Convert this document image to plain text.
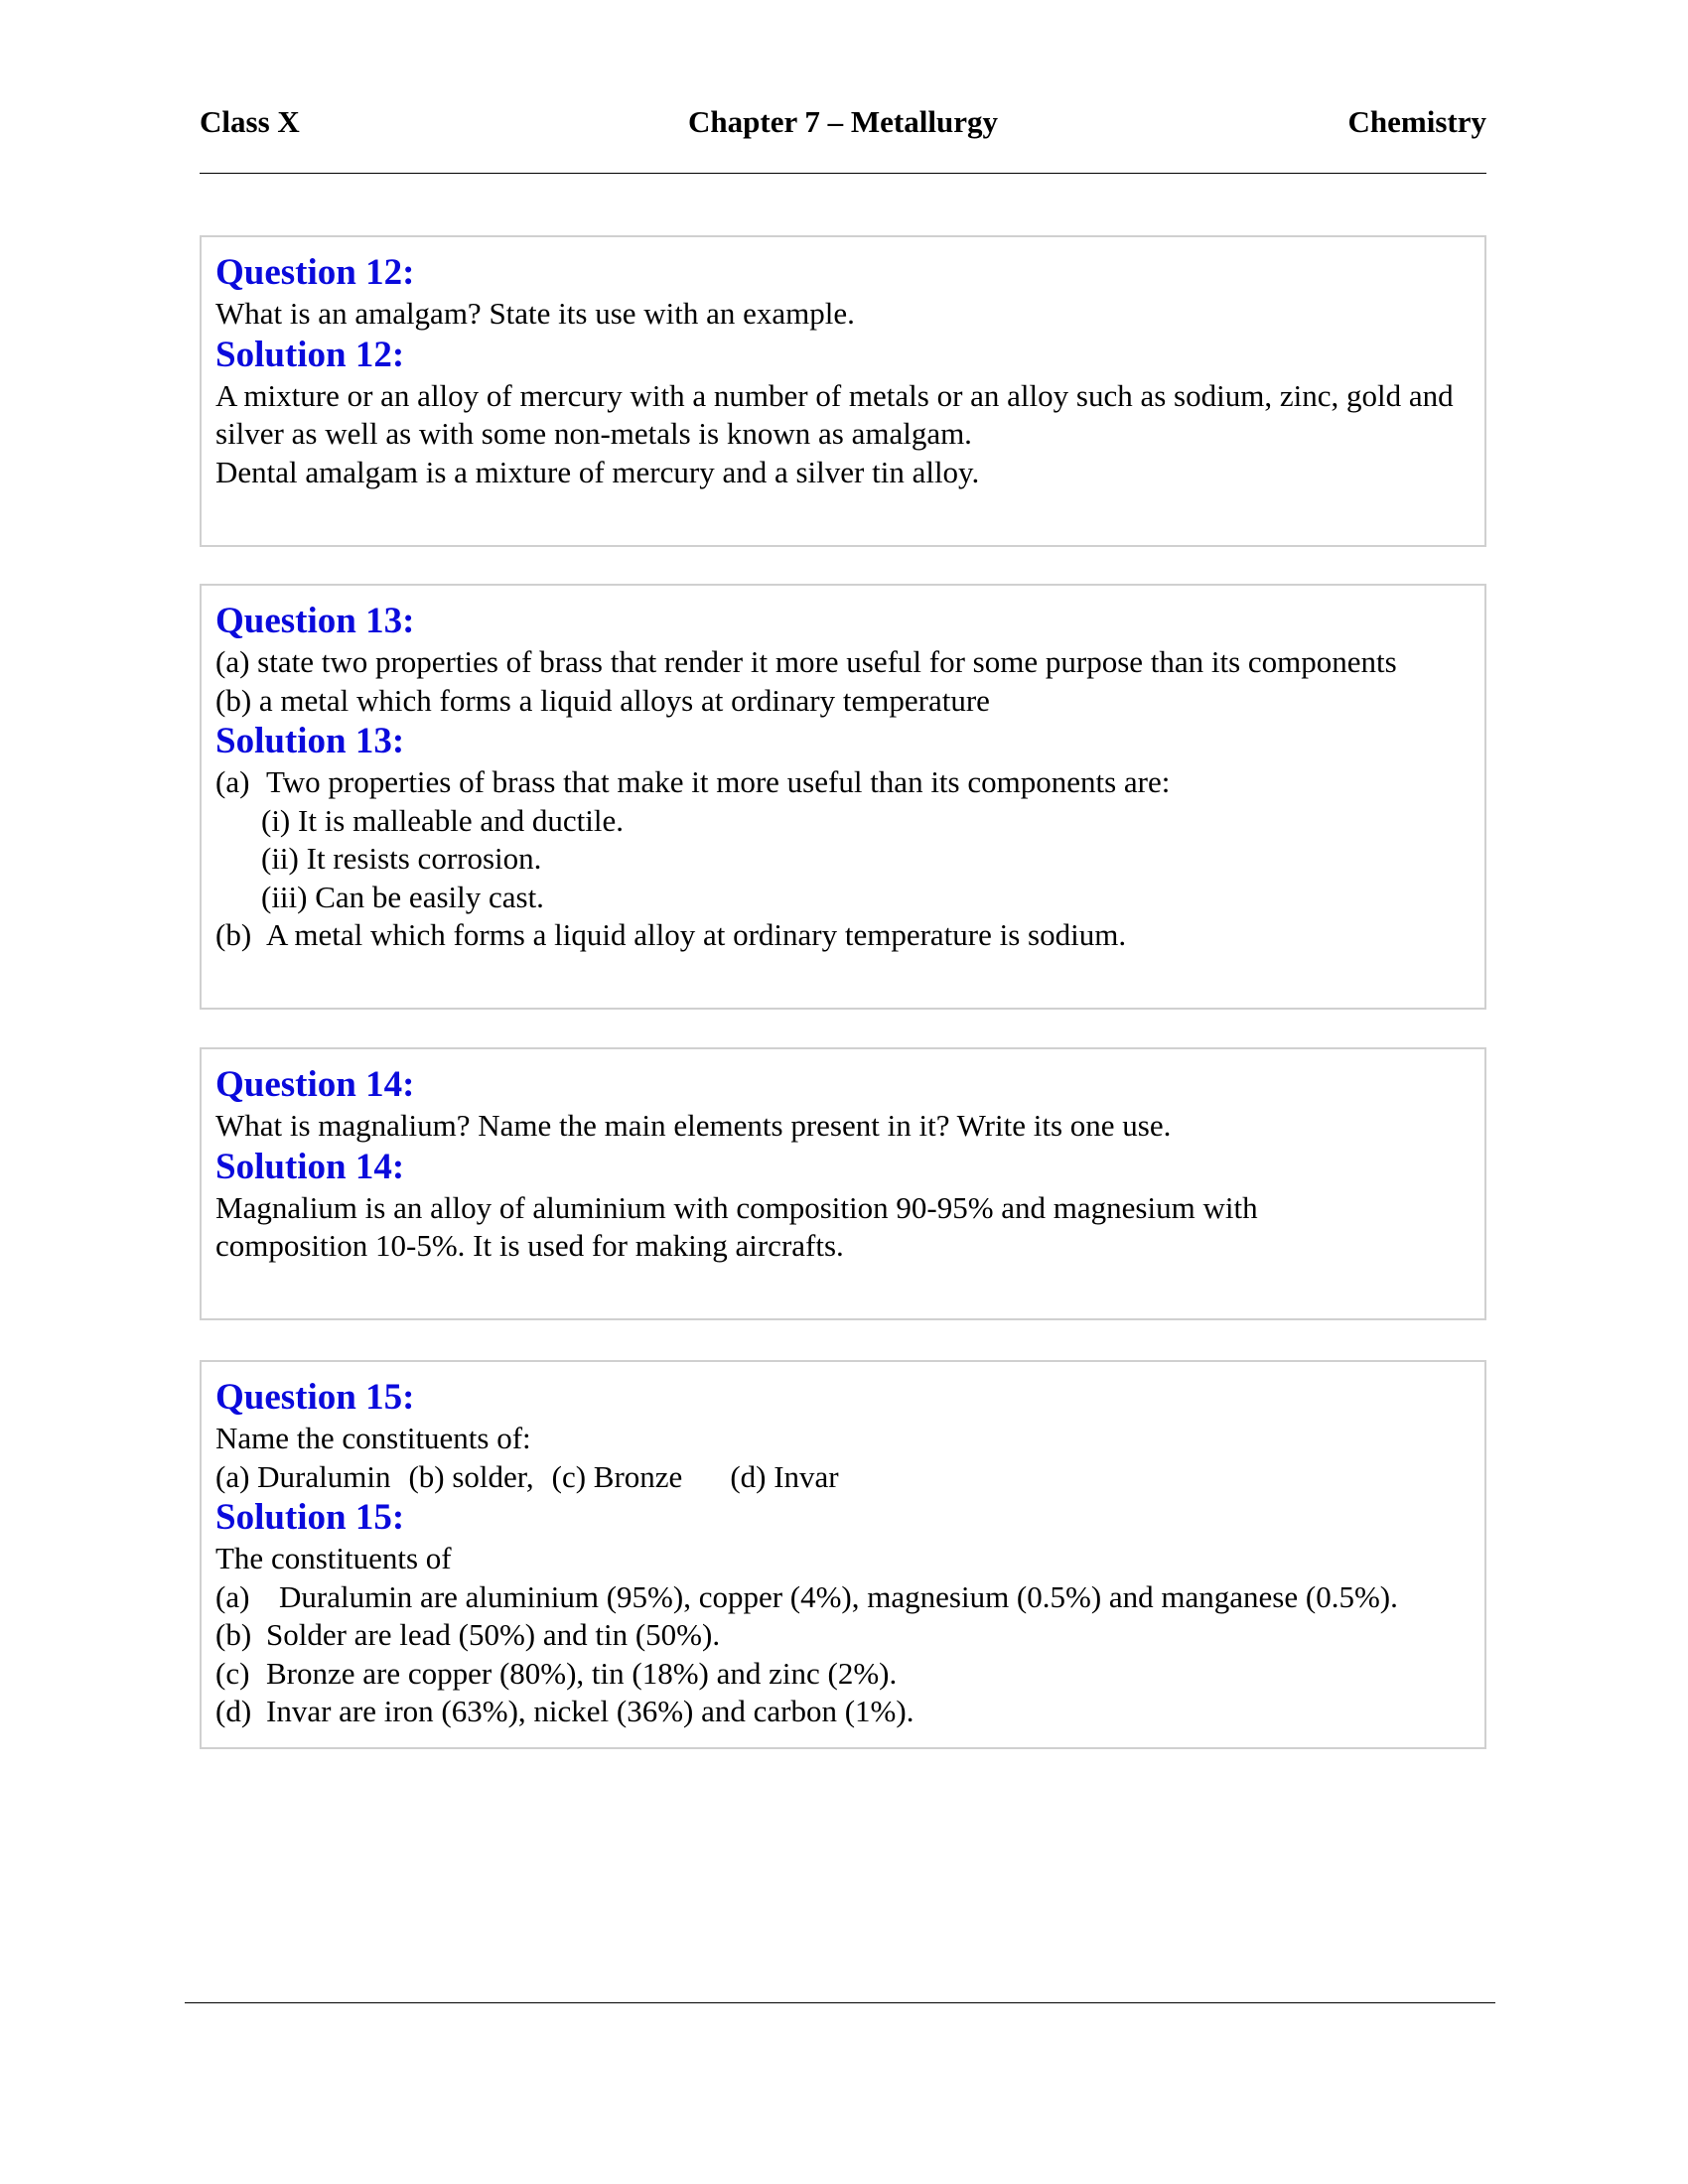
Class X	Chapter 7 – Metallurgy	Chemistry

Question 12:

What is an amalgam? State its use with an example.

Solution 12:

A mixture or an alloy of mercury with a number of metals or an alloy such as sodium, zinc, gold and silver as well as with some non-metals is known as amalgam.

Dental amalgam is a mixture of mercury and a silver tin alloy.

Question 13:

(a) state two properties of brass that render it more useful for some purpose than its components

(b) a metal which forms a liquid alloys at ordinary temperature

Solution 13:

(a) Two properties of brass that make it more useful than its components are:

(i) It is malleable and ductile.

(ii) It resists corrosion.

(iii) Can be easily cast.

(b) A metal which forms a liquid alloy at ordinary temperature is sodium.

Question 14:

What is magnalium? Name the main elements present in it? Write its one use.

Solution 14:

Magnalium is an alloy of aluminium with composition 90-95% and magnesium with composition 10-5%. It is used for making aircrafts.

Question 15:

Name the constituents of:

(a) Duralumin (b) solder, (c) Bronze (d) Invar

Solution 15:

The constituents of

(a) Duralumin are aluminium (95%), copper (4%), magnesium (0.5%) and manganese (0.5%).

(b) Solder are lead (50%) and tin (50%).

(c) Bronze are copper (80%), tin (18%) and zinc (2%).

(d) Invar are iron (63%), nickel (36%) and carbon (1%).
